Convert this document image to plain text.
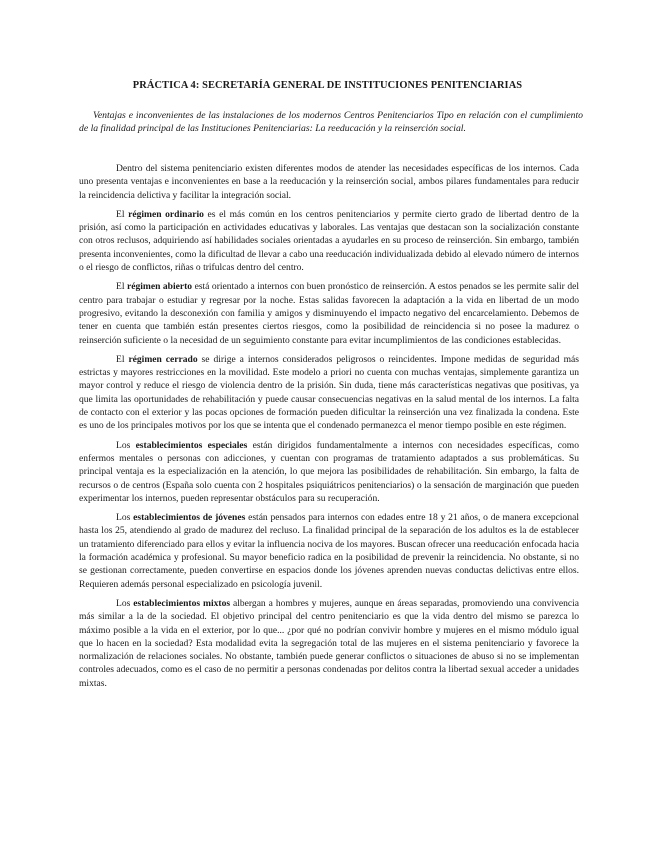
PRÁCTICA 4: SECRETARÍA GENERAL DE INSTITUCIONES PENITENCIARIAS
Ventajas e inconvenientes de las instalaciones de los modernos Centros Penitenciarios Tipo en relación con el cumplimiento de la finalidad principal de las Instituciones Penitenciarias: La reeducación y la reinserción social.

Dentro del sistema penitenciario existen diferentes modos de atender las necesidades específicas de los internos. Cada uno presenta ventajas e inconvenientes en base a la reeducación y la reinserción social, ambos pilares fundamentales para reducir la reincidencia delictiva y facilitar la integración social.

El régimen ordinario es el más común en los centros penitenciarios y permite cierto grado de libertad dentro de la prisión, así como la participación en actividades educativas y laborales. Las ventajas que destacan son la socialización constante con otros reclusos, adquiriendo así habilidades sociales orientadas a ayudarles en su proceso de reinserción. Sin embargo, también presenta inconvenientes, como la dificultad de llevar a cabo una reeducación individualizada debido al elevado número de internos o el riesgo de conflictos, riñas o trifulcas dentro del centro.

El régimen abierto está orientado a internos con buen pronóstico de reinserción. A estos penados se les permite salir del centro para trabajar o estudiar y regresar por la noche. Estas salidas favorecen la adaptación a la vida en libertad de un modo progresivo, evitando la desconexión con familia y amigos y disminuyendo el impacto negativo del encarcelamiento. Debemos de tener en cuenta que también están presentes ciertos riesgos, como la posibilidad de reincidencia si no posee la madurez o reinserción suficiente o la necesidad de un seguimiento constante para evitar incumplimientos de las condiciones establecidas.

El régimen cerrado se dirige a internos considerados peligrosos o reincidentes. Impone medidas de seguridad más estrictas y mayores restricciones en la movilidad. Este modelo a priori no cuenta con muchas ventajas, simplemente garantiza un mayor control y reduce el riesgo de violencia dentro de la prisión. Sin duda, tiene más características negativas que positivas, ya que limita las oportunidades de rehabilitación y puede causar consecuencias negativas en la salud mental de los internos. La falta de contacto con el exterior y las pocas opciones de formación pueden dificultar la reinserción una vez finalizada la condena. Este es uno de los principales motivos por los que se intenta que el condenado permanezca el menor tiempo posible en este régimen.

Los establecimientos especiales están dirigidos fundamentalmente a internos con necesidades específicas, como enfermos mentales o personas con adicciones, y cuentan con programas de tratamiento adaptados a sus problemáticas. Su principal ventaja es la especialización en la atención, lo que mejora las posibilidades de rehabilitación. Sin embargo, la falta de recursos o de centros (España solo cuenta con 2 hospitales psiquiátricos penitenciarios) o la sensación de marginación que pueden experimentar los internos, pueden representar obstáculos para su recuperación.

Los establecimientos de jóvenes están pensados para internos con edades entre 18 y 21 años, o de manera excepcional hasta los 25, atendiendo al grado de madurez del recluso. La finalidad principal de la separación de los adultos es la de establecer un tratamiento diferenciado para ellos y evitar la influencia nociva de los mayores. Buscan ofrecer una reeducación enfocada hacia la formación académica y profesional. Su mayor beneficio radica en la posibilidad de prevenir la reincidencia. No obstante, si no se gestionan correctamente, pueden convertirse en espacios donde los jóvenes aprenden nuevas conductas delictivas entre ellos. Requieren además personal especializado en psicología juvenil.

Los establecimientos mixtos albergan a hombres y mujeres, aunque en áreas separadas, promoviendo una convivencia más similar a la de la sociedad. El objetivo principal del centro penitenciario es que la vida dentro del mismo se parezca lo máximo posible a la vida en el exterior, por lo que... ¿por qué no podrían convivir hombre y mujeres en el mismo módulo igual que lo hacen en la sociedad? Esta modalidad evita la segregación total de las mujeres en el sistema penitenciario y favorece la normalización de relaciones sociales. No obstante, también puede generar conflictos o situaciones de abuso si no se implementan controles adecuados, como es el caso de no permitir a personas condenadas por delitos contra la libertad sexual acceder a unidades mixtas.
